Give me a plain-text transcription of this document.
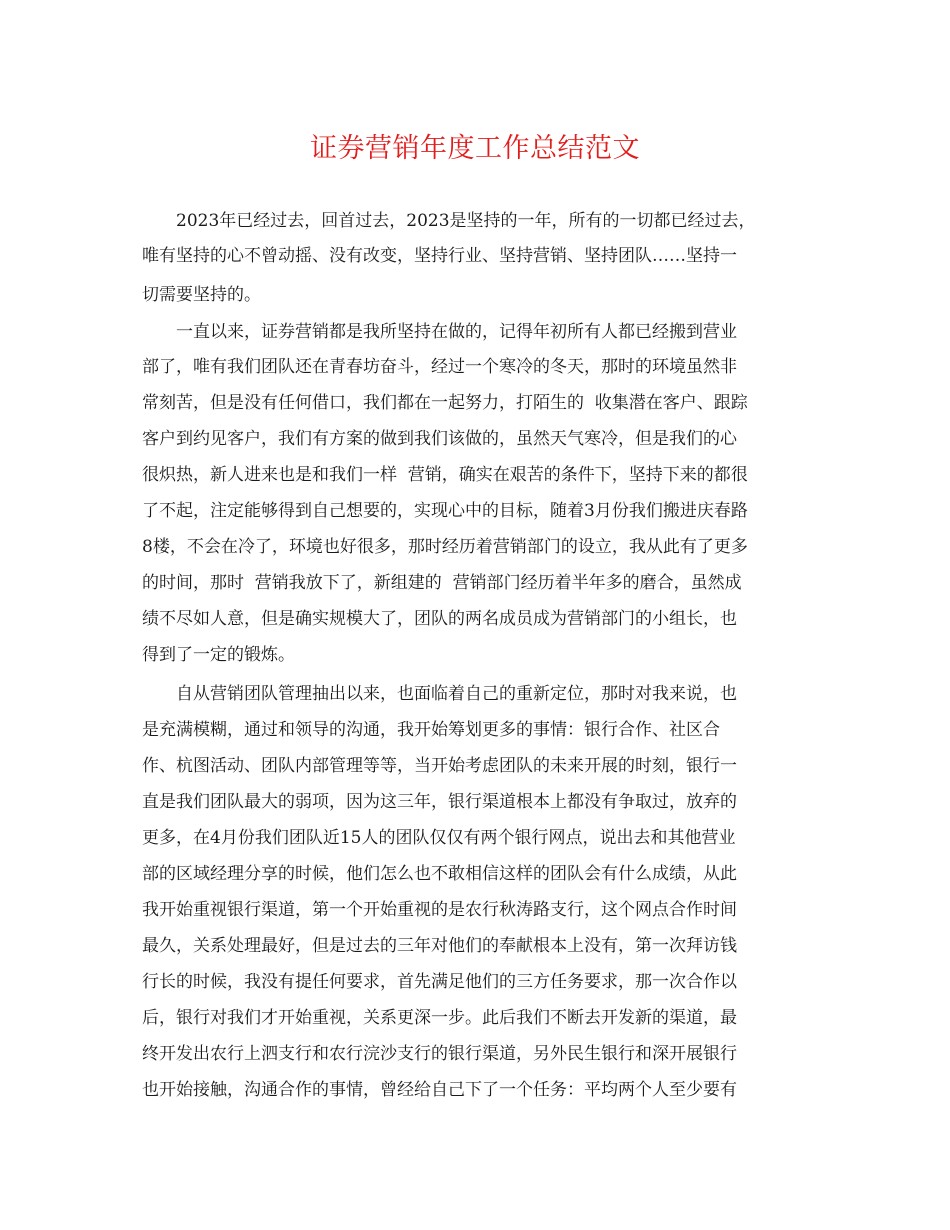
证券营销年度工作总结范文
2023年已经过去，回首过去，2023是坚持的一年，所有的一切都已经过去，
唯有坚持的心不曾动摇、没有改变，坚持行业、坚持营销、坚持团队……坚持一
切需要坚持的。
一直以来，证券营销都是我所坚持在做的，记得年初所有人都已经搬到营业
部了，唯有我们团队还在青春坊奋斗，经过一个寒冷的冬天，那时的环境虽然非
常刻苦，但是没有任何借口，我们都在一起努力，打陌生的  收集潜在客户、跟踪
客户到约见客户，我们有方案的做到我们该做的，虽然天气寒冷，但是我们的心
很炽热，新人进来也是和我们一样  营销，确实在艰苦的条件下，坚持下来的都很
了不起，注定能够得到自己想要的，实现心中的目标，随着3月份我们搬进庆春路
8楼，不会在冷了，环境也好很多，那时经历着营销部门的设立，我从此有了更多
的时间，那时  营销我放下了，新组建的  营销部门经历着半年多的磨合，虽然成
绩不尽如人意，但是确实规模大了，团队的两名成员成为营销部门的小组长，也
得到了一定的锻炼。
自从营销团队管理抽出以来，也面临着自己的重新定位，那时对我来说，也
是充满模糊，通过和领导的沟通，我开始筹划更多的事情：银行合作、社区合
作、杭图活动、团队内部管理等等，当开始考虑团队的未来开展的时刻，银行一
直是我们团队最大的弱项，因为这三年，银行渠道根本上都没有争取过，放弃的
更多，在4月份我们团队近15人的团队仅仅有两个银行网点，说出去和其他营业
部的区域经理分享的时候，他们怎么也不敢相信这样的团队会有什么成绩，从此
我开始重视银行渠道，第一个开始重视的是农行秋涛路支行，这个网点合作时间
最久，关系处理最好，但是过去的三年对他们的奉献根本上没有，第一次拜访钱
行长的时候，我没有提任何要求，首先满足他们的三方任务要求，那一次合作以
后，银行对我们才开始重视，关系更深一步。此后我们不断去开发新的渠道，最
终开发出农行上泗支行和农行浣沙支行的银行渠道，另外民生银行和深开展银行
也开始接触，沟通合作的事情，曾经给自己下了一个任务：平均两个人至少要有
